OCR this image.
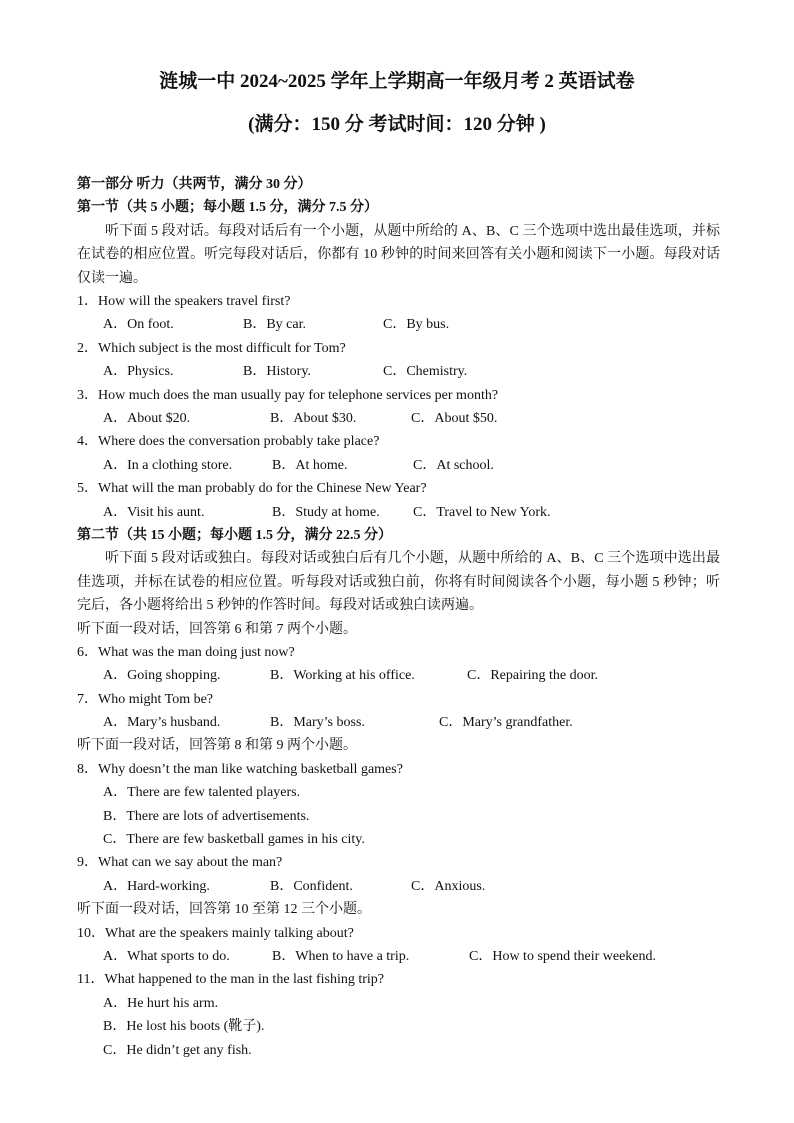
涟城一中 2024~2025 学年上学期高一年级月考 2 英语试卷
(满分：150 分 考试时间：120 分钟 )
第一部分 听力（共两节，满分 30 分）
第一节（共 5 小题；每小题 1.5 分，满分 7.5 分）
听下面 5 段对话。每段对话后有一个小题，从题中所给的 A、B、C 三个选项中选出最佳选项，并标在试卷的相应位置。听完每段对话后，你都有 10 秒钟的时间来回答有关小题和阅读下一小题。每段对话仅读一遍。
1．How will the speakers travel first?
A．On foot.	B．By car.	C．By bus.
2．Which subject is the most difficult for Tom?
A．Physics.	B．History.	C．Chemistry.
3．How much does the man usually pay for telephone services per month?
A．About $20.	B．About $30.	C．About $50.
4．Where does the conversation probably take place?
A．In a clothing store.	B．At home.	C．At school.
5．What will the man probably do for the Chinese New Year?
A．Visit his aunt.	B．Study at home.	C．Travel to New York.
第二节（共 15 小题；每小题 1.5 分，满分 22.5 分）
听下面 5 段对话或独白。每段对话或独白后有几个小题，从题中所给的 A、B、C 三个选项中选出最佳选项，并标在试卷的相应位置。听每段对话或独白前，你将有时间阅读各个小题，每小题 5 秒钟；听完后，各小题将给出 5 秒钟的作答时间。每段对话或独白读两遍。
听下面一段对话，回答第 6 和第 7 两个小题。
6．What was the man doing just now?
A．Going shopping.	B．Working at his office.	C．Repairing the door.
7．Who might Tom be?
A．Mary’s husband.	B．Mary’s boss.	C．Mary’s grandfather.
听下面一段对话，回答第 8 和第 9 两个小题。
8．Why doesn’t the man like watching basketball games?
A．There are few talented players.
B．There are lots of advertisements.
C．There are few basketball games in his city.
9．What can we say about the man?
A．Hard-working.	B．Confident.	C．Anxious.
听下面一段对话，回答第 10 至第 12 三个小题。
10．What are the speakers mainly talking about?
A．What sports to do.	B．When to have a trip.	C．How to spend their weekend.
11．What happened to the man in the last fishing trip?
A．He hurt his arm.
B．He lost his boots (靴子).
C．He didn’t get any fish.
